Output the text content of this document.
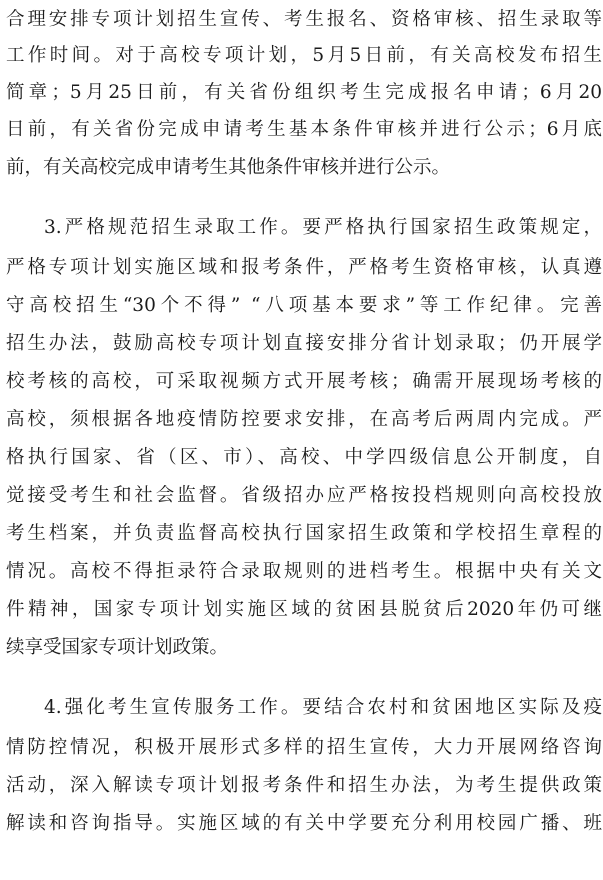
合理安排专项计划招生宣传、考生报名、资格审核、招生录取等
工作时间。对于高校专项计划，5月5日前，有关高校发布招生
简章；5月25日前，有关省份组织考生完成报名申请；6月20
日前，有关省份完成申请考生基本条件审核并进行公示；6月底
前，有关高校完成申请考生其他条件审核并进行公示。
3.严格规范招生录取工作。要严格执行国家招生政策规定，
严格专项计划实施区域和报考条件，严格考生资格审核，认真遵
守高校招生“30个不得” “八项基本要求”等工作纪律。完善
招生办法，鼓励高校专项计划直接安排分省计划录取；仍开展学
校考核的高校，可采取视频方式开展考核；确需开展现场考核的
高校，须根据各地疫情防控要求安排，在高考后两周内完成。严
格执行国家、省（区、市）、高校、中学四级信息公开制度，自
觉接受考生和社会监督。省级招办应严格按投档规则向高校投放
考生档案，并负责监督高校执行国家招生政策和学校招生章程的
情况。高校不得拒录符合录取规则的进档考生。根据中央有关文
件精神，国家专项计划实施区域的贫困县脱贫后2020年仍可继
续享受国家专项计划政策。
4.强化考生宣传服务工作。要结合农村和贫困地区实际及疫
情防控情况，积极开展形式多样的招生宣传，大力开展网络咨询
活动，深入解读专项计划报考条件和招生办法，为考生提供政策
解读和咨询指导。实施区域的有关中学要充分利用校园广播、班
